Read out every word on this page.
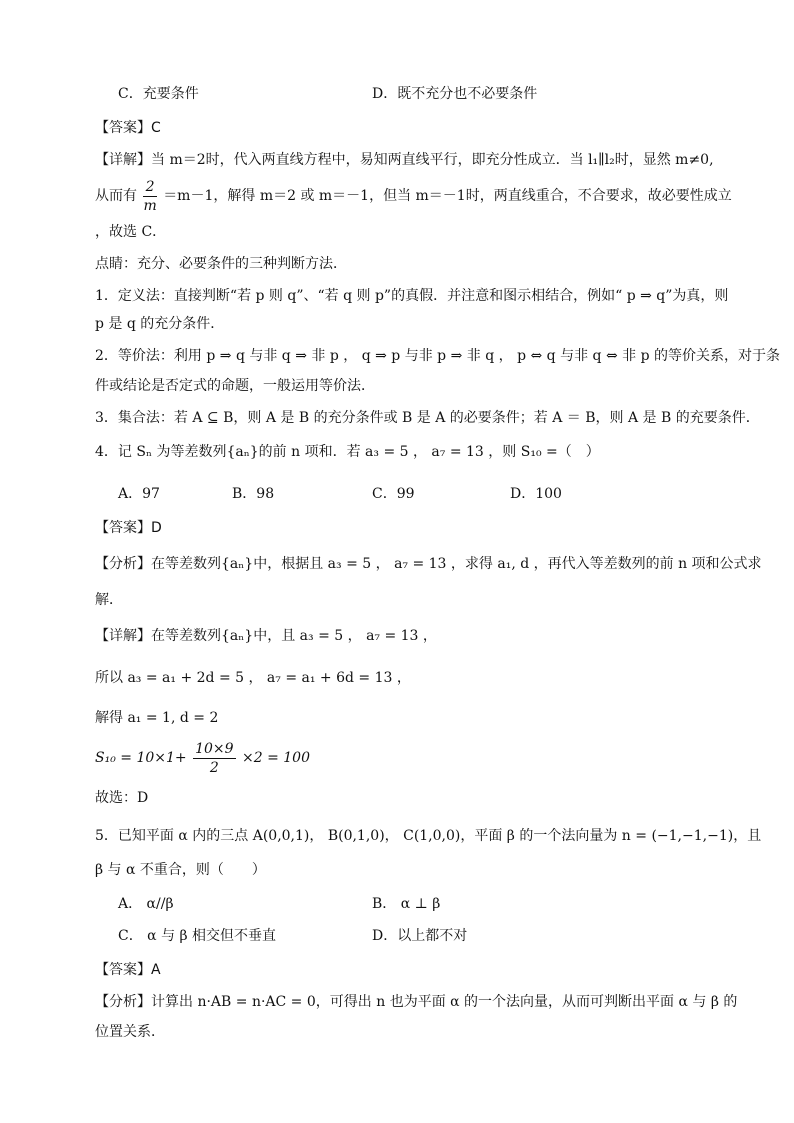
C．充要条件	D．既不充分也不必要条件
【答案】C
【详解】当 m＝2时，代入两直线方程中，易知两直线平行，即充分性成立．当 l₁∥l₂时，显然 m≠0,
从而有 $\frac{2}{m} =m-1$，解得 m＝2 或 m＝－1，但当 m＝－1时，两直线重合，不合要求，故必要性成立
，故选 C．
点睛：充分、必要条件的三种判断方法．
1．定义法：直接判断“若 p 则 q”、“若 q 则 p”的真假．并注意和图示相结合，例如“ p ⇒ q”为真，则
p 是 q 的充分条件．
2．等价法：利用 p ⇒ q 与非 q ⇒ 非 p ， q ⇒ p 与非 p ⇒ 非 q ， p ⇔ q 与非 q ⇔ 非 p 的等价关系，对于条
件或结论是否定式的命题，一般运用等价法．
3．集合法：若 A ⊆ B，则 A 是 B 的充分条件或 B 是 A 的必要条件；若 A ＝ B，则 A 是 B 的充要条件．
4．记 Sₙ 为等差数列{aₙ}的前 n 项和．若 a₃ = 5 ， a₇ = 13 ，则 S₁₀ =（　）
A．97	B．98	C．99	D．100
【答案】D
【分析】在等差数列{aₙ}中，根据且 a₃ = 5 ， a₇ = 13 ，求得 a₁, d ，再代入等差数列的前 n 项和公式求
解．
【详解】在等差数列{aₙ}中，且 a₃ = 5 ， a₇ = 13 ，
所以 a₃ = a₁ + 2d = 5 ， a₇ = a₁ + 6d = 13 ，
解得 a₁ = 1, d = 2
$S_{10} = 10\times 1+ \frac{10\times 9}{2} \times 2 = 100$
故选：D
5．已知平面 α 内的三点 A(0,0,1)， B(0,1,0)， C(1,0,0)，平面 β 的一个法向量为 n = (−1,−1,−1)，且
β 与 α 不重合，则（　　）
A． α//β	B． α ⊥ β
C． α 与 β 相交但不垂直	D．以上都不对
【答案】A
【分析】计算出 n·AB = n·AC = 0，可得出 n 也为平面 α 的一个法向量，从而可判断出平面 α 与 β 的
位置关系．
